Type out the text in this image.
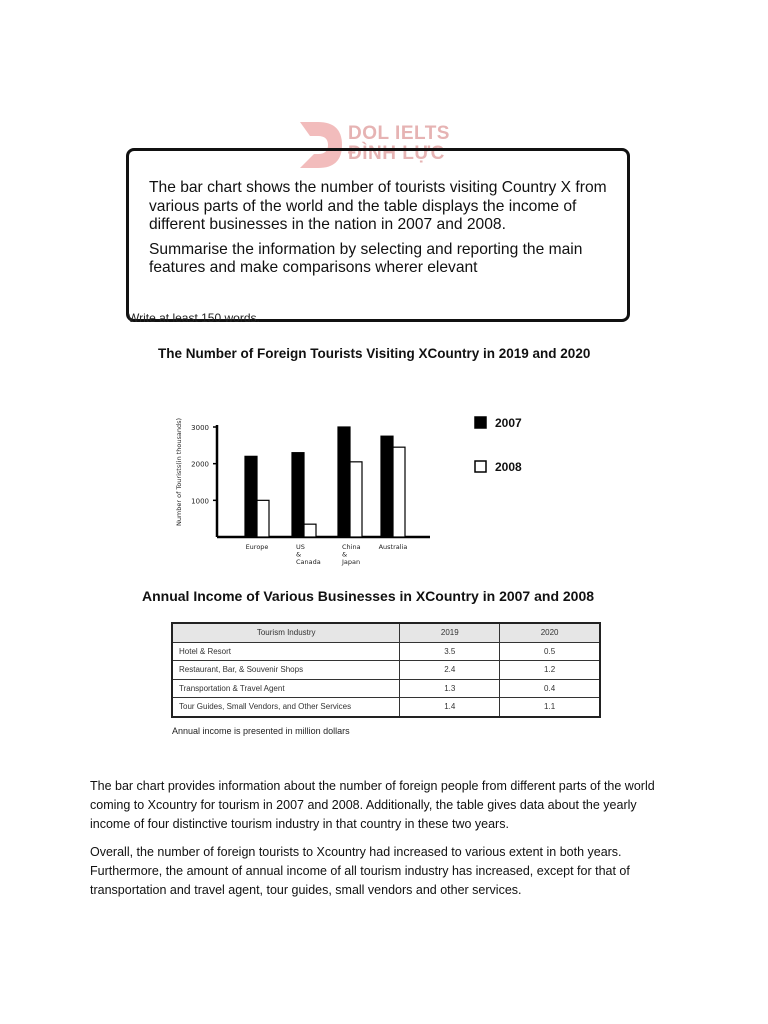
DOL IELTS
ĐÌNH LỰC

The bar chart shows the number of tourists visiting Country X from various parts of the world and the table displays the income of different businesses in the nation in 2007 and 2008.

Summarise the information by selecting and reporting the main features and make comparisons wherer elevant

Write at least 150 words.
The Number of Foreign Tourists Visiting XCountry in 2019 and 2020
1000
2000
3000
Number of Tourists(in thousands)
Europe	US
&
Canada
China
&
Japan
Australia
2007
2008
Annual Income of Various Businesses in XCountry in 2007 and 2008
Tourism Industry	2019	2020
Hotel & Resort	3.5	0.5
Restaurant, Bar, & Souvenir Shops	2.4	1.2
Transportation & Travel Agent	1.3	0.4
Tour Guides, Small Vendors, and Other Services	1.4	1.1
Annual income is presented in million dollars

The bar chart provides information about the number of foreign people from different parts of the world coming to Xcountry for tourism in 2007 and 2008. Additionally, the table gives data about the yearly income of four distinctive tourism industry in that country in these two years.

Overall, the number of foreign tourists to Xcountry had increased to various extent in both years. Furthermore, the amount of annual income of all tourism industry has increased, except for that of transportation and travel agent, tour guides, small vendors and other services.
